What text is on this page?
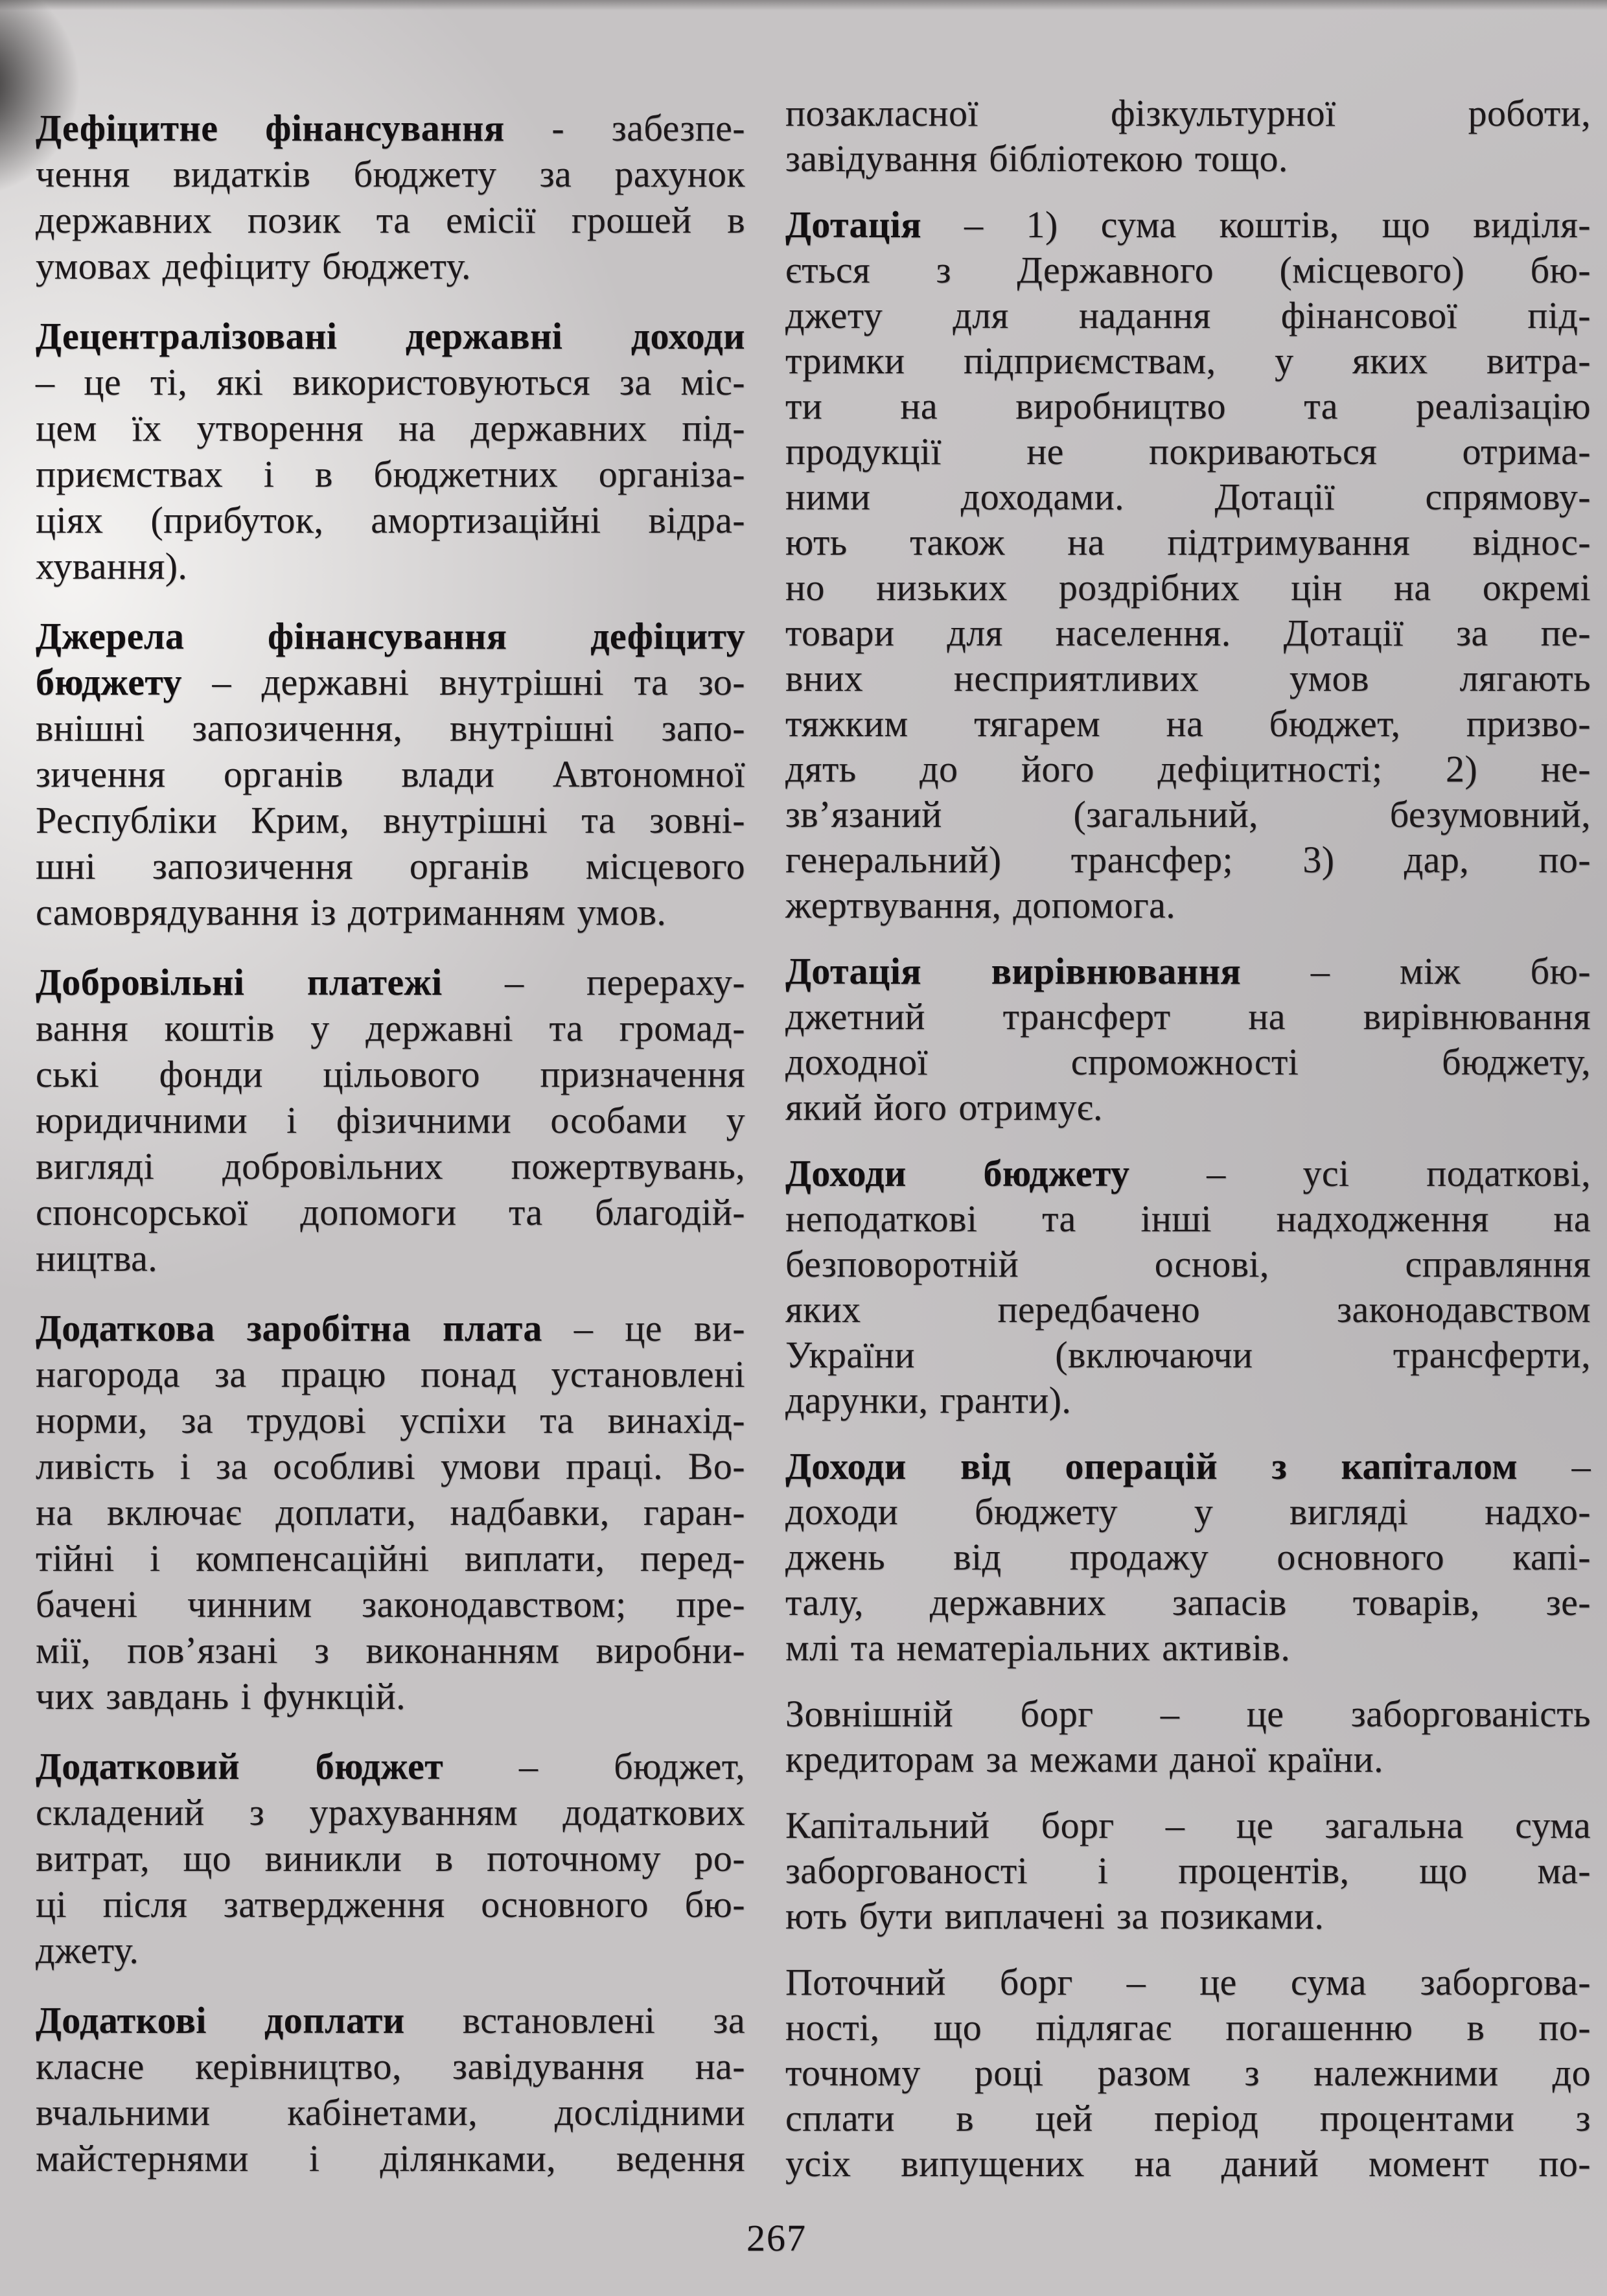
Дефіцитне фінансування - забезпе-
чення видатків бюджету за рахунок
державних позик та емісії грошей в
умовах дефіциту бюджету.
Децентралізовані державні доходи
– це ті, які використовуються за міс-
цем їх утворення на державних під-
приємствах і в бюджетних організа-
ціях (прибуток, амортизаційні відра-
хування).
Джерела фінансування дефіциту
бюджету – державні внутрішні та зо-
внішні запозичення, внутрішні запо-
зичення органів влади Автономної
Республіки Крим, внутрішні та зовні-
шні запозичення органів місцевого
самоврядування із дотриманням умов.
Добровільні платежі – перераху-
вання коштів у державні та громад-
ські фонди цільового призначення
юридичними і фізичними особами у
вигляді добровільних пожертвувань,
спонсорської допомоги та благодій-
ництва.
Додаткова заробітна плата – це ви-
нагорода за працю понад установлені
норми, за трудові успіхи та винахід-
ливість і за особливі умови праці. Во-
на включає доплати, надбавки, гаран-
тійні і компенсаційні виплати, перед-
бачені чинним законодавством; пре-
мії, пов’язані з виконанням виробни-
чих завдань і функцій.
Додатковий бюджет – бюджет,
складений з урахуванням додаткових
витрат, що виникли в поточному ро-
ці після затвердження основного бю-
джету.
Додаткові доплати встановлені за
класне керівництво, завідування на-
вчальними кабінетами, дослідними
майстернями і ділянками, ведення
позакласної фізкультурної роботи,
завідування бібліотекою тощо.
Дотація – 1) сума коштів, що виділя-
ється з Державного (місцевого) бю-
джету для надання фінансової під-
тримки підприємствам, у яких витра-
ти на виробництво та реалізацію
продукції не покриваються отрима-
ними доходами. Дотації спрямову-
ють також на підтримування віднос-
но низьких роздрібних цін на окремі
товари для населення. Дотації за пе-
вних несприятливих умов лягають
тяжким тягарем на бюджет, призво-
дять до його дефіцитності; 2) не-
зв’язаний (загальний, безумовний,
генеральний) трансфер; 3) дар, по-
жертвування, допомога.
Дотація вирівнювання – між бю-
джетний трансферт на вирівнювання
доходної спроможності бюджету,
який його отримує.
Доходи бюджету – усі податкові,
неподаткові та інші надходження на
безповоротній основі, справляння
яких передбачено законодавством
України (включаючи трансферти,
дарунки, гранти).
Доходи від операцій з капіталом –
доходи бюджету у вигляді надхо-
джень від продажу основного капі-
талу, державних запасів товарів, зе-
млі та нематеріальних активів.
Зовнішній борг – це заборгованість
кредиторам за межами даної країни.
Капітальний борг – це загальна сума
заборгованості і процентів, що ма-
ють бути виплачені за позиками.
Поточний борг – це сума заборгова-
ності, що підлягає погашенню в по-
точному році разом з належними до
сплати в цей період процентами з
усіх випущених на даний момент по-
267
